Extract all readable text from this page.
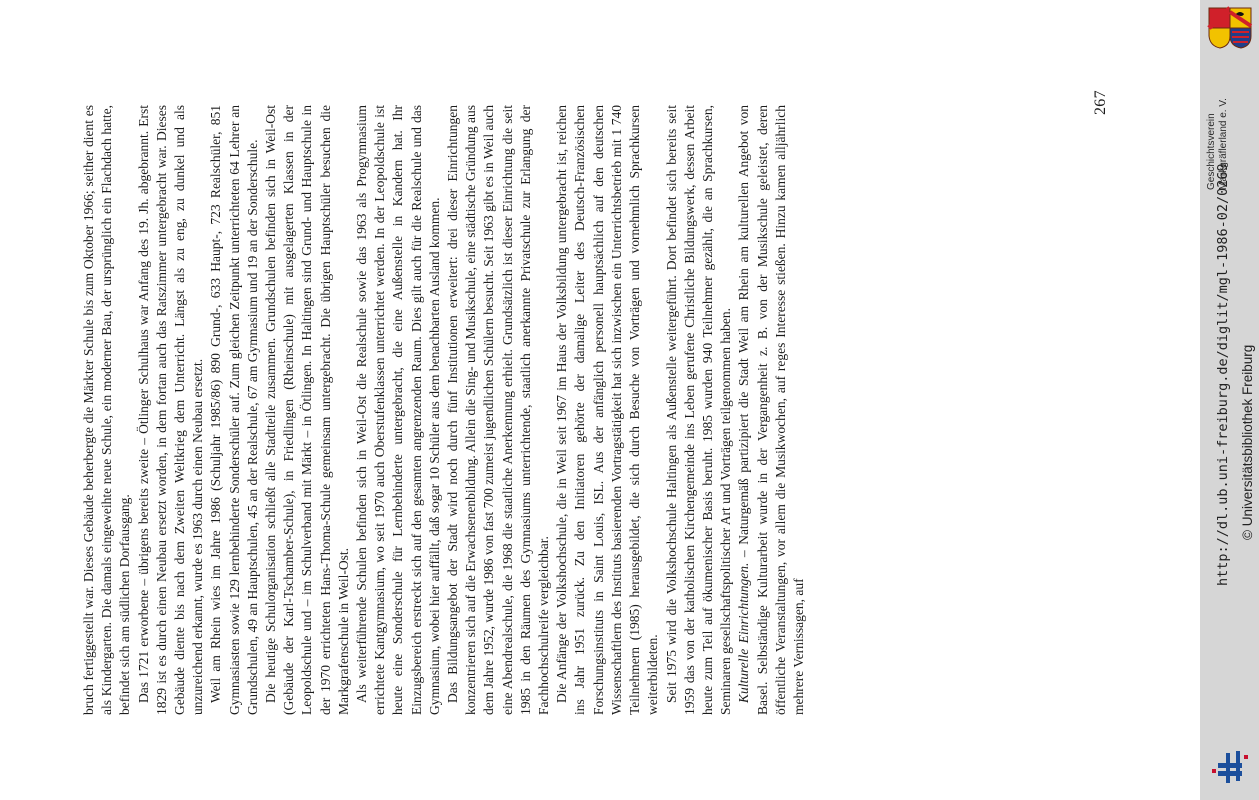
bruch fertiggestellt war. Dieses Gebäude beherbergte die Märkter Schule bis zum Oktober 1966; seither dient es als Kindergarten. Die damals eingeweihte neue Schule, ein moderner Bau, der ursprünglich ein Flachdach hatte, befindet sich am südlichen Dorfausgang. Das 1721 erworbene – übrigens bereits zweite – Ötlinger Schulhaus war Anfang des 19. Jh. abgebrannt. Erst 1829 ist es durch einen Neubau ersetzt worden, in dem fortan auch das Ratszimmer untergebracht war. Dieses Gebäude diente bis nach dem Zweiten Weltkrieg dem Unterricht. Längst als zu eng, zu dunkel und als unzureichend erkannt, wurde es 1963 durch einen Neubau ersetzt. Weil am Rhein wies im Jahre 1986 (Schuljahr 1985/86) 890 Grund-, 633 Haupt-, 723 Realschüler, 851 Gymnasiasten sowie 129 lernbehinderte Sonderschüler auf. Zum gleichen Zeitpunkt unterrichteten 64 Lehrer an Grundschulen, 49 an Hauptschulen, 45 an der Realschule, 67 am Gymnasium und 19 an der Sonderschule. Die heutige Schulorganisation schließt alle Stadtteile zusammen. Grundschulen befinden sich in Weil-Ost (Gebäude der Karl-Tschamber-Schule), in Friedlingen (Rheinschule) mit ausgelagerten Klassen in der Leopoldschule und – im Schulverband mit Märkt – in Ötlingen. In Haltingen sind Grund- und Hauptschule in der 1970 errichteten Hans-Thoma-Schule gemeinsam untergebracht. Die übrigen Hauptschüler besuchen die Markgrafenschule in Weil-Ost. Als weiterführende Schulen befinden sich in Weil-Ost die Realschule sowie das 1963 als Progymnasium errichtete Kantgymnasium, wo seit 1970 auch Oberstufenklassen unterrichtet werden. In der Leopoldschule ist heute eine Sonderschule für Lernbehinderte untergebracht, die eine Außenstelle in Kandern hat. Ihr Einzugsbereich erstreckt sich auf den gesamten angrenzenden Raum. Dies gilt auch für die Realschule und das Gymnasium, wobei hier auffällt, daß sogar 10 Schüler aus dem benachbarten Ausland kommen. Das Bildungsangebot der Stadt wird noch durch fünf Institutionen erweitert: drei dieser Einrichtungen konzentrieren sich auf die Erwachsenenbildung. Allein die Sing- und Musikschule, eine städtische Gründung aus dem Jahre 1952, wurde 1986 von fast 700 zumeist jugendlichen Schülern besucht. Seit 1963 gibt es in Weil auch eine Abendrealschule, die 1968 die staatliche Anerkennung erhielt. Grundsätzlich ist dieser Einrichtung die seit 1985 in den Räumen des Gymnasiums unterrichtende, staatlich anerkannte Privatschule zur Erlangung der Fachhochschulreife vergleichbar. Die Anfänge der Volkshochschule, die in Weil seit 1967 im Haus der Volksbildung untergebracht ist, reichen ins Jahr 1951 zurück. Zu den Initiatoren gehörte der damalige Leiter des Deutsch-Französischen Forschungsinstituts in Saint Louis, ISL. Aus der anfänglich personell hauptsächlich auf den deutschen Wissenschaftlern des Instituts basierenden Vortragstätigkeit hat sich inzwischen ein Unterrichtsbetrieb mit 1 740 Teilnehmern (1985) herausgebildet, die sich durch Besuche von Vorträgen und vornehmlich Sprachkursen weiterbildeten. Seit 1975 wird die Volkshochschule Haltingen als Außenstelle weitergeführt. Dort befindet sich bereits seit 1959 das von der katholischen Kirchengemeinde ins Leben gerufene Christliche Bildungswerk, dessen Arbeit heute zum Teil auf ökumenischer Basis beruht. 1985 wurden 940 Teilnehmer gezählt, die an Sprachkursen, Seminaren gesellschaftspolitischer Art und Vorträgen teilgenommen haben. Kulturelle Einrichtungen. – Naturgemäß partizipiert die Stadt Weil am Rhein am kulturellen Angebot von Basel. Selbständige Kulturarbeit wurde in der Vergangenheit z. B. von der Musikschule geleistet, deren öffentliche Veranstaltungen, vor allem die Musikwochen, auf reges Interesse stießen. Hinzu kamen alljährlich mehrere Vernissagen, auf

267
Geschichtsverein Markgräflerland e. V.
http://dl.ub.uni-freiburg.de/diglit/mgl-1986-02/0269 © Universitätsbibliothek Freiburg
